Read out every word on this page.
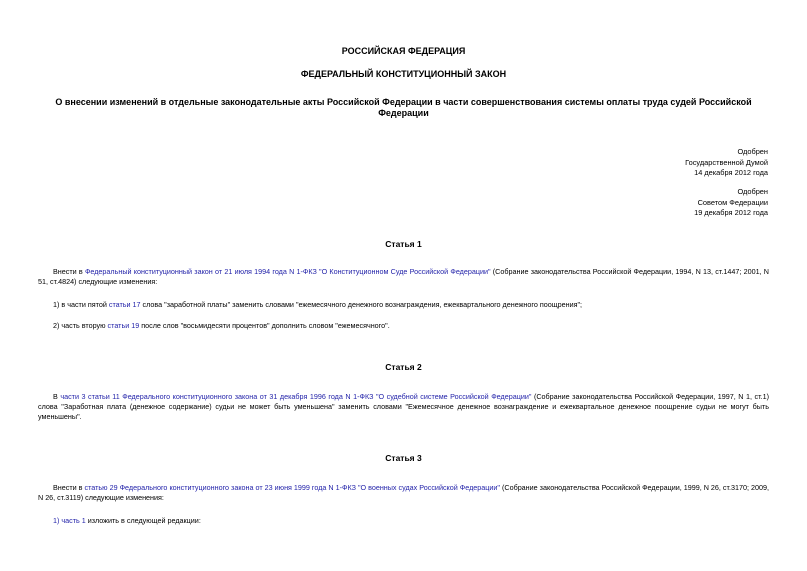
РОССИЙСКАЯ ФЕДЕРАЦИЯ
ФЕДЕРАЛЬНЫЙ КОНСТИТУЦИОННЫЙ ЗАКОН
О внесении изменений в отдельные законодательные акты Российской Федерации в части совершенствования системы оплаты труда судей Российской Федерации
Одобрен
Государственной Думой
14 декабря 2012 года
Одобрен
Советом Федерации
19 декабря 2012 года
Статья 1
Внести в Федеральный конституционный закон от 21 июля 1994 года N 1-ФКЗ "О Конституционном Суде Российской Федерации" (Собрание законодательства Российской Федерации, 1994, N 13, ст.1447; 2001, N 51, ст.4824) следующие изменения:
1) в части пятой статьи 17 слова "заработной платы" заменить словами "ежемесячного денежного вознаграждения, ежеквартального денежного поощрения";
2) часть вторую статьи 19 после слов "восьмидесяти процентов" дополнить словом "ежемесячного".
Статья 2
В части 3 статьи 11 Федерального конституционного закона от 31 декабря 1996 года N 1-ФКЗ "О судебной системе Российской Федерации" (Собрание законодательства Российской Федерации, 1997, N 1, ст.1) слова "Заработная плата (денежное содержание) судьи не может быть уменьшена" заменить словами "Ежемесячное денежное вознаграждение и ежеквартальное денежное поощрение судьи не могут быть уменьшены".
Статья 3
Внести в статью 29 Федерального конституционного закона от 23 июня 1999 года N 1-ФКЗ "О военных судах Российской Федерации" (Собрание законодательства Российской Федерации, 1999, N 26, ст.3170; 2009, N 26, ст.3119) следующие изменения:
1) часть 1 изложить в следующей редакции:
